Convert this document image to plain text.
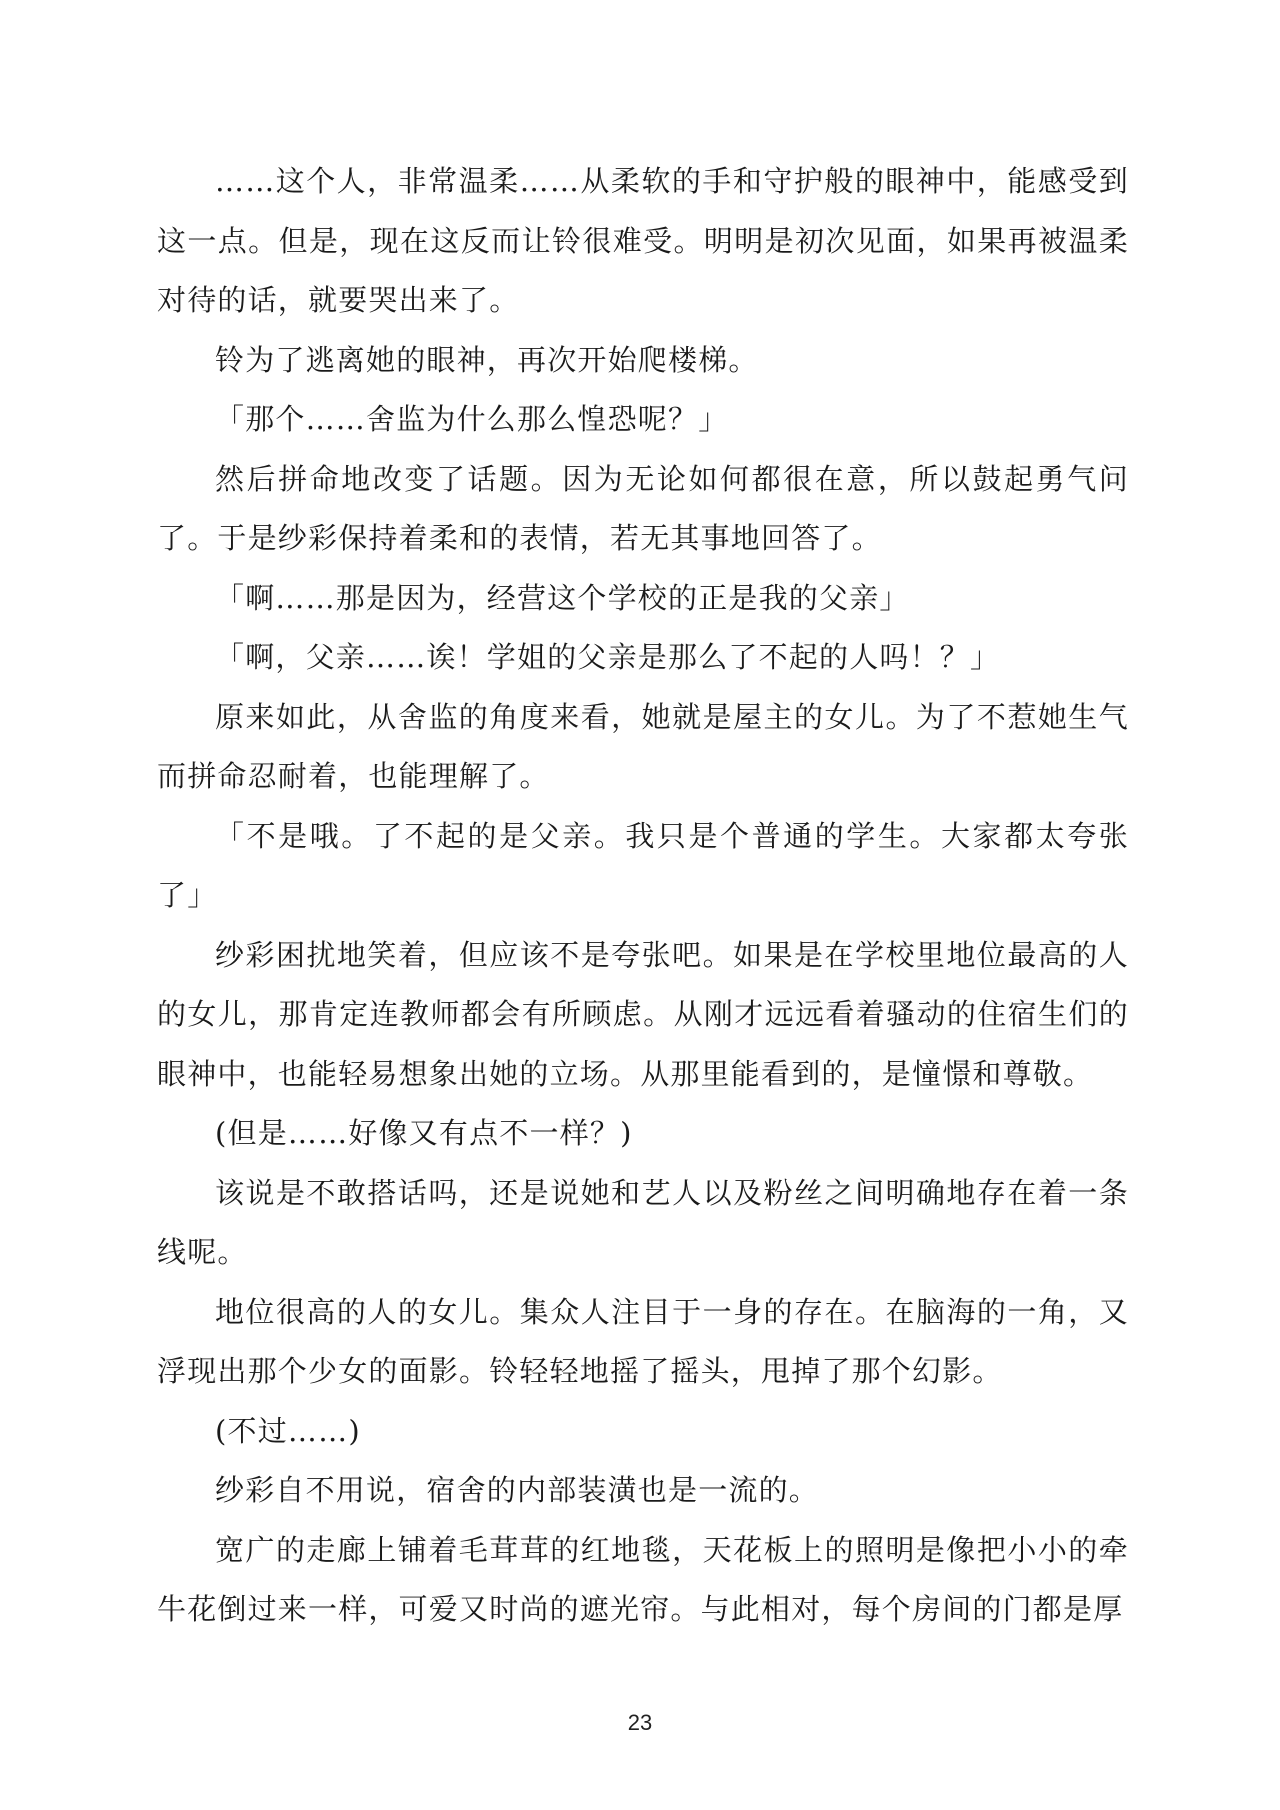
……这个人，非常温柔……从柔软的手和守护般的眼神中，能感受到这一点。但是，现在这反而让铃很难受。明明是初次见面，如果再被温柔对待的话，就要哭出来了。

铃为了逃离她的眼神，再次开始爬楼梯。

「那个……舍监为什么那么惶恐呢？」

然后拼命地改变了话题。因为无论如何都很在意，所以鼓起勇气问了。于是纱彩保持着柔和的表情，若无其事地回答了。

「啊……那是因为，经营这个学校的正是我的父亲」

「啊，父亲……诶！学姐的父亲是那么了不起的人吗！？」

原来如此，从舍监的角度来看，她就是屋主的女儿。为了不惹她生气而拼命忍耐着，也能理解了。

「不是哦。了不起的是父亲。我只是个普通的学生。大家都太夸张了」

纱彩困扰地笑着，但应该不是夸张吧。如果是在学校里地位最高的人的女儿，那肯定连教师都会有所顾虑。从刚才远远看着骚动的住宿生们的眼神中，也能轻易想象出她的立场。从那里能看到的，是憧憬和尊敬。

(但是……好像又有点不一样？)

该说是不敢搭话吗，还是说她和艺人以及粉丝之间明确地存在着一条线呢。

地位很高的人的女儿。集众人注目于一身的存在。在脑海的一角，又浮现出那个少女的面影。铃轻轻地摇了摇头，甩掉了那个幻影。

(不过……)

纱彩自不用说，宿舍的内部装潢也是一流的。

宽广的走廊上铺着毛茸茸的红地毯，天花板上的照明是像把小小的牵牛花倒过来一样，可爱又时尚的遮光帘。与此相对，每个房间的门都是厚

23
